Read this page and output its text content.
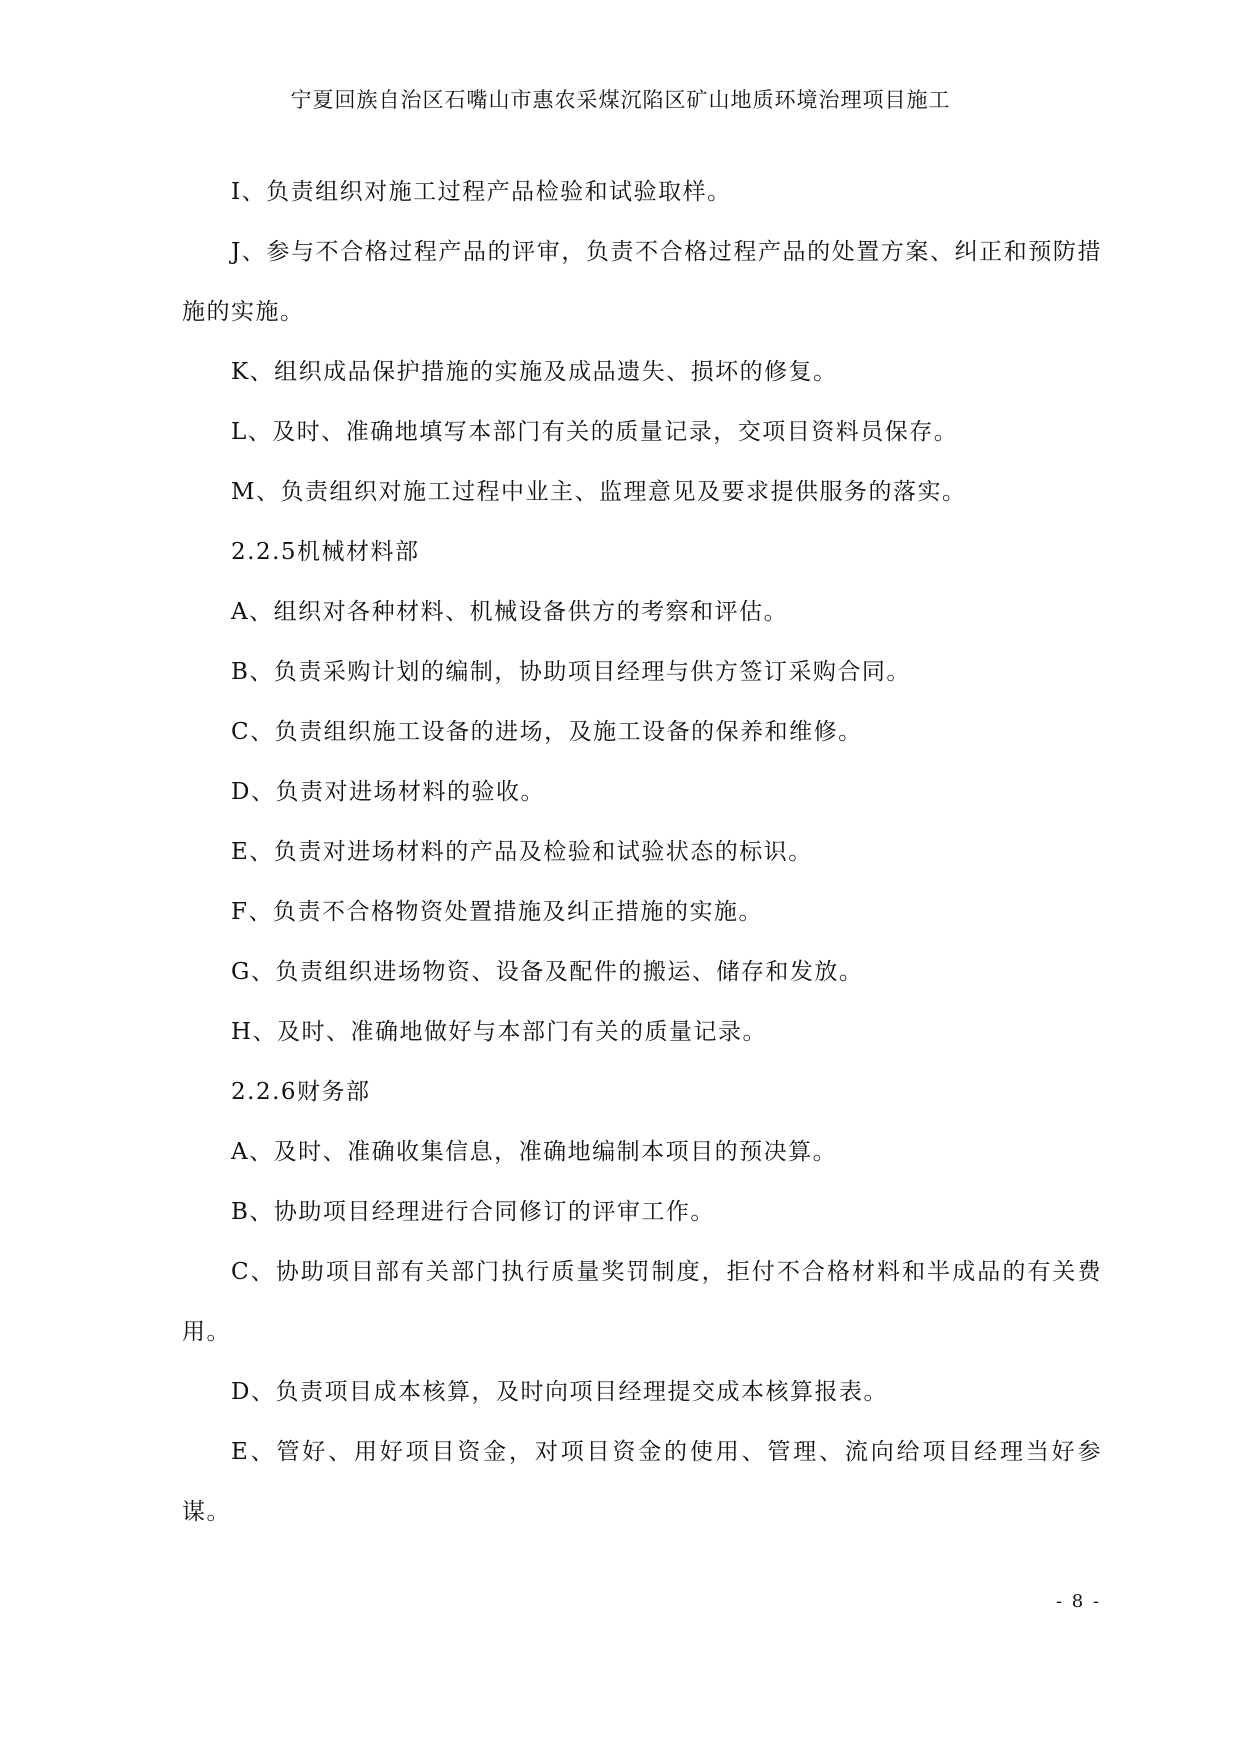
宁夏回族自治区石嘴山市惠农采煤沉陷区矿山地质环境治理项目施工

I、负责组织对施工过程产品检验和试验取样。

J、参与不合格过程产品的评审，负责不合格过程产品的处置方案、纠正和预防措施的实施。

K、组织成品保护措施的实施及成品遗失、损坏的修复。

L、及时、准确地填写本部门有关的质量记录，交项目资料员保存。

M、负责组织对施工过程中业主、监理意见及要求提供服务的落实。

2.2.5机械材料部

A、组织对各种材料、机械设备供方的考察和评估。

B、负责采购计划的编制，协助项目经理与供方签订采购合同。

C、负责组织施工设备的进场，及施工设备的保养和维修。

D、负责对进场材料的验收。

E、负责对进场材料的产品及检验和试验状态的标识。

F、负责不合格物资处置措施及纠正措施的实施。

G、负责组织进场物资、设备及配件的搬运、储存和发放。

H、及时、准确地做好与本部门有关的质量记录。

2.2.6财务部

A、及时、准确收集信息，准确地编制本项目的预决算。

B、协助项目经理进行合同修订的评审工作。

C、协助项目部有关部门执行质量奖罚制度，拒付不合格材料和半成品的有关费用。

D、负责项目成本核算，及时向项目经理提交成本核算报表。

E、管好、用好项目资金，对项目资金的使用、管理、流向给项目经理当好参谋。

- 8 -
